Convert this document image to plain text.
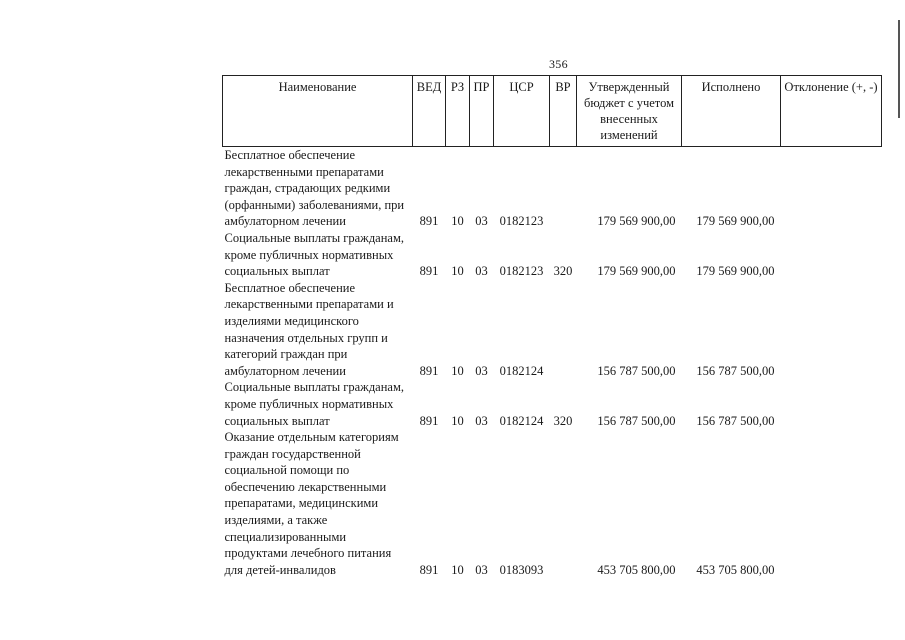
356
Наименование	ВЕД	РЗ	ПР	ЦСР	ВР	Утвержденный бюджет с учетом внесенных изменений	Исполнено	Отклонение (+, -)
Бесплатное обеспечение лекарственными препаратами граждан, страдающих редкими (орфанными) заболеваниями, при амбулаторном лечении	891	10	03	0182123		179 569 900,00	179 569 900,00	
Социальные выплаты гражданам, кроме публичных нормативных социальных выплат	891	10	03	0182123	320	179 569 900,00	179 569 900,00	
Бесплатное обеспечение лекарственными препаратами и изделиями медицинского назначения отдельных групп и категорий граждан при амбулаторном лечении	891	10	03	0182124		156 787 500,00	156 787 500,00	
Социальные выплаты гражданам, кроме публичных нормативных социальных выплат	891	10	03	0182124	320	156 787 500,00	156 787 500,00	
Оказание отдельным категориям граждан государственной социальной помощи по обеспечению лекарственными препаратами, медицинскими изделиями, а также специализированными продуктами лечебного питания для детей-инвалидов	891	10	03	0183093		453 705 800,00	453 705 800,00	
